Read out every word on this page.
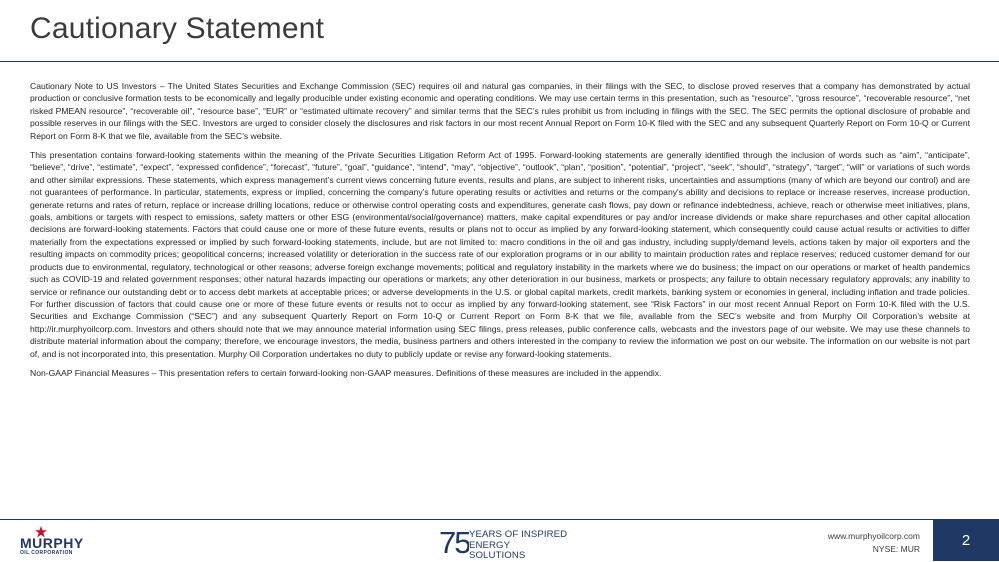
Cautionary Statement

Cautionary Note to US Investors – The United States Securities and Exchange Commission (SEC) requires oil and natural gas companies, in their filings with the SEC, to disclose proved reserves that a company has demonstrated by actual production or conclusive formation tests to be economically and legally producible under existing economic and operating conditions. We may use certain terms in this presentation, such as “resource”, “gross resource”, “recoverable resource”, “net risked PMEAN resource”, “recoverable oil”, “resource base”, “EUR” or “estimated ultimate recovery” and similar terms that the SEC’s rules prohibit us from including in filings with the SEC. The SEC permits the optional disclosure of probable and possible reserves in our filings with the SEC. Investors are urged to consider closely the disclosures and risk factors in our most recent Annual Report on Form 10-K filed with the SEC and any subsequent Quarterly Report on Form 10-Q or Current Report on Form 8-K that we file, available from the SEC’s website.

This presentation contains forward-looking statements within the meaning of the Private Securities Litigation Reform Act of 1995. Forward-looking statements are generally identified through the inclusion of words such as “aim”, “anticipate”, “believe”, “drive”, “estimate”, “expect”, “expressed confidence”, “forecast”, “future”, “goal”, “guidance”, “intend”, “may”, “objective”, “outlook”, “plan”, “position”, “potential”, “project”, “seek”, “should”, “strategy”, “target”, “will” or variations of such words and other similar expressions. These statements, which express management’s current views concerning future events, results and plans, are subject to inherent risks, uncertainties and assumptions (many of which are beyond our control) and are not guarantees of performance. In particular, statements, express or implied, concerning the company’s future operating results or activities and returns or the company's ability and decisions to replace or increase reserves, increase production, generate returns and rates of return, replace or increase drilling locations, reduce or otherwise control operating costs and expenditures, generate cash flows, pay down or refinance indebtedness, achieve, reach or otherwise meet initiatives, plans, goals, ambitions or targets with respect to emissions, safety matters or other ESG (environmental/social/governance) matters, make capital expenditures or pay and/or increase dividends or make share repurchases and other capital allocation decisions are forward-looking statements. Factors that could cause one or more of these future events, results or plans not to occur as implied by any forward-looking statement, which consequently could cause actual results or activities to differ materially from the expectations expressed or implied by such forward-looking statements, include, but are not limited to: macro conditions in the oil and gas industry, including supply/demand levels, actions taken by major oil exporters and the resulting impacts on commodity prices; geopolitical concerns; increased volatility or deterioration in the success rate of our exploration programs or in our ability to maintain production rates and replace reserves; reduced customer demand for our products due to environmental, regulatory, technological or other reasons; adverse foreign exchange movements; political and regulatory instability in the markets where we do business; the impact on our operations or market of health pandemics such as COVID-19 and related government responses; other natural hazards impacting our operations or markets; any other deterioration in our business, markets or prospects; any failure to obtain necessary regulatory approvals; any inability to service or refinance our outstanding debt or to access debt markets at acceptable prices; or adverse developments in the U.S. or global capital markets, credit markets, banking system or economies in general, including inflation and trade policies. For further discussion of factors that could cause one or more of these future events or results not to occur as implied by any forward-looking statement, see “Risk Factors” in our most recent Annual Report on Form 10-K filed with the U.S. Securities and Exchange Commission (“SEC”) and any subsequent Quarterly Report on Form 10-Q or Current Report on Form 8-K that we file, available from the SEC’s website and from Murphy Oil Corporation’s website at http://ir.murphyoilcorp.com. Investors and others should note that we may announce material information using SEC filings, press releases, public conference calls, webcasts and the investors page of our website. We may use these channels to distribute material information about the company; therefore, we encourage investors, the media, business partners and others interested in the company to review the information we post on our website. The information on our website is not part of, and is not incorporated into, this presentation. Murphy Oil Corporation undertakes no duty to publicly update or revise any forward-looking statements.

Non-GAAP Financial Measures – This presentation refers to certain forward-looking non-GAAP measures. Definitions of these measures are included in the appendix.

MURPHY
OIL CORPORATION	75 YEARS OF INSPIRED
ENERGY SOLUTIONS
www.murphyoilcorp.com
NYSE: MUR	2
